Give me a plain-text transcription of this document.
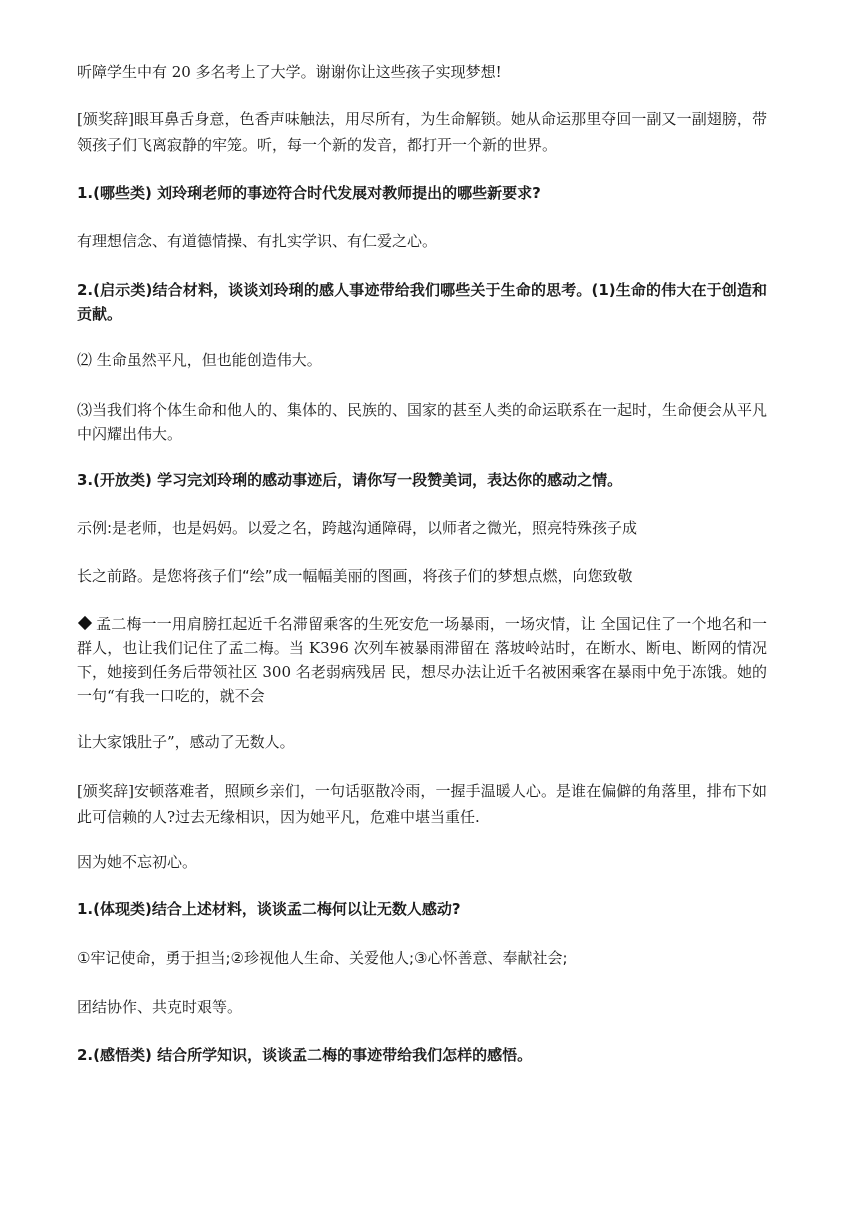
听障学生中有 20 多名考上了大学。谢谢你让这些孩子实现梦想!
[颁奖辞]眼耳鼻舌身意，色香声味触法，用尽所有，为生命解锁。她从命运那里夺回一副又一副翅膀，带领孩子们飞离寂静的牢笼。听，每一个新的发音，都打开一个新的世界。
1.(哪些类) 刘玲琍老师的事迹符合时代发展对教师提出的哪些新要求?
有理想信念、有道德情操、有扎实学识、有仁爱之心。
2.(启示类)结合材料，谈谈刘玲琍的感人事迹带给我们哪些关于生命的思考。(1)生命的伟大在于创造和贡献。
⑵ 生命虽然平凡，但也能创造伟大。
⑶当我们将个体生命和他人的、集体的、民族的、国家的甚至人类的命运联系在一起时，生命便会从平凡中闪耀出伟大。
3.(开放类) 学习完刘玲琍的感动事迹后，请你写一段赞美词，表达你的感动之情。
示例:是老师，也是妈妈。以爱之名，跨越沟通障碍，以师者之微光，照亮特殊孩子成
长之前路。是您将孩子们“绘”成一幅幅美丽的图画，将孩子们的梦想点燃，向您致敬
孟二梅一一用肩膀扛起近千名滞留乘客的生死安危一场暴雨，一场灾情，让 全国记住了一个地名和一群人，也让我们记住了孟二梅。当 K396 次列车被暴雨滞留在 落坡岭站时，在断水、断电、断网的情况下，她接到任务后带领社区 300 名老弱病残居 民，想尽办法让近千名被困乘客在暴雨中免于冻饿。她的一句“有我一口吃的，就不会
让大家饿肚子”，感动了无数人。
[颁奖辞]安顿落难者，照顾乡亲们，一句话驱散冷雨，一握手温暖人心。是谁在偏僻的角落里，排布下如此可信赖的人?过去无缘相识，因为她平凡，危难中堪当重任.
因为她不忘初心。
1.(体现类)结合上述材料，谈谈孟二梅何以让无数人感动?
①牢记使命，勇于担当;②珍视他人生命、关爱他人;③心怀善意、奉献社会;
团结协作、共克时艰等。
2.(感悟类) 结合所学知识，谈谈孟二梅的事迹带给我们怎样的感悟。
